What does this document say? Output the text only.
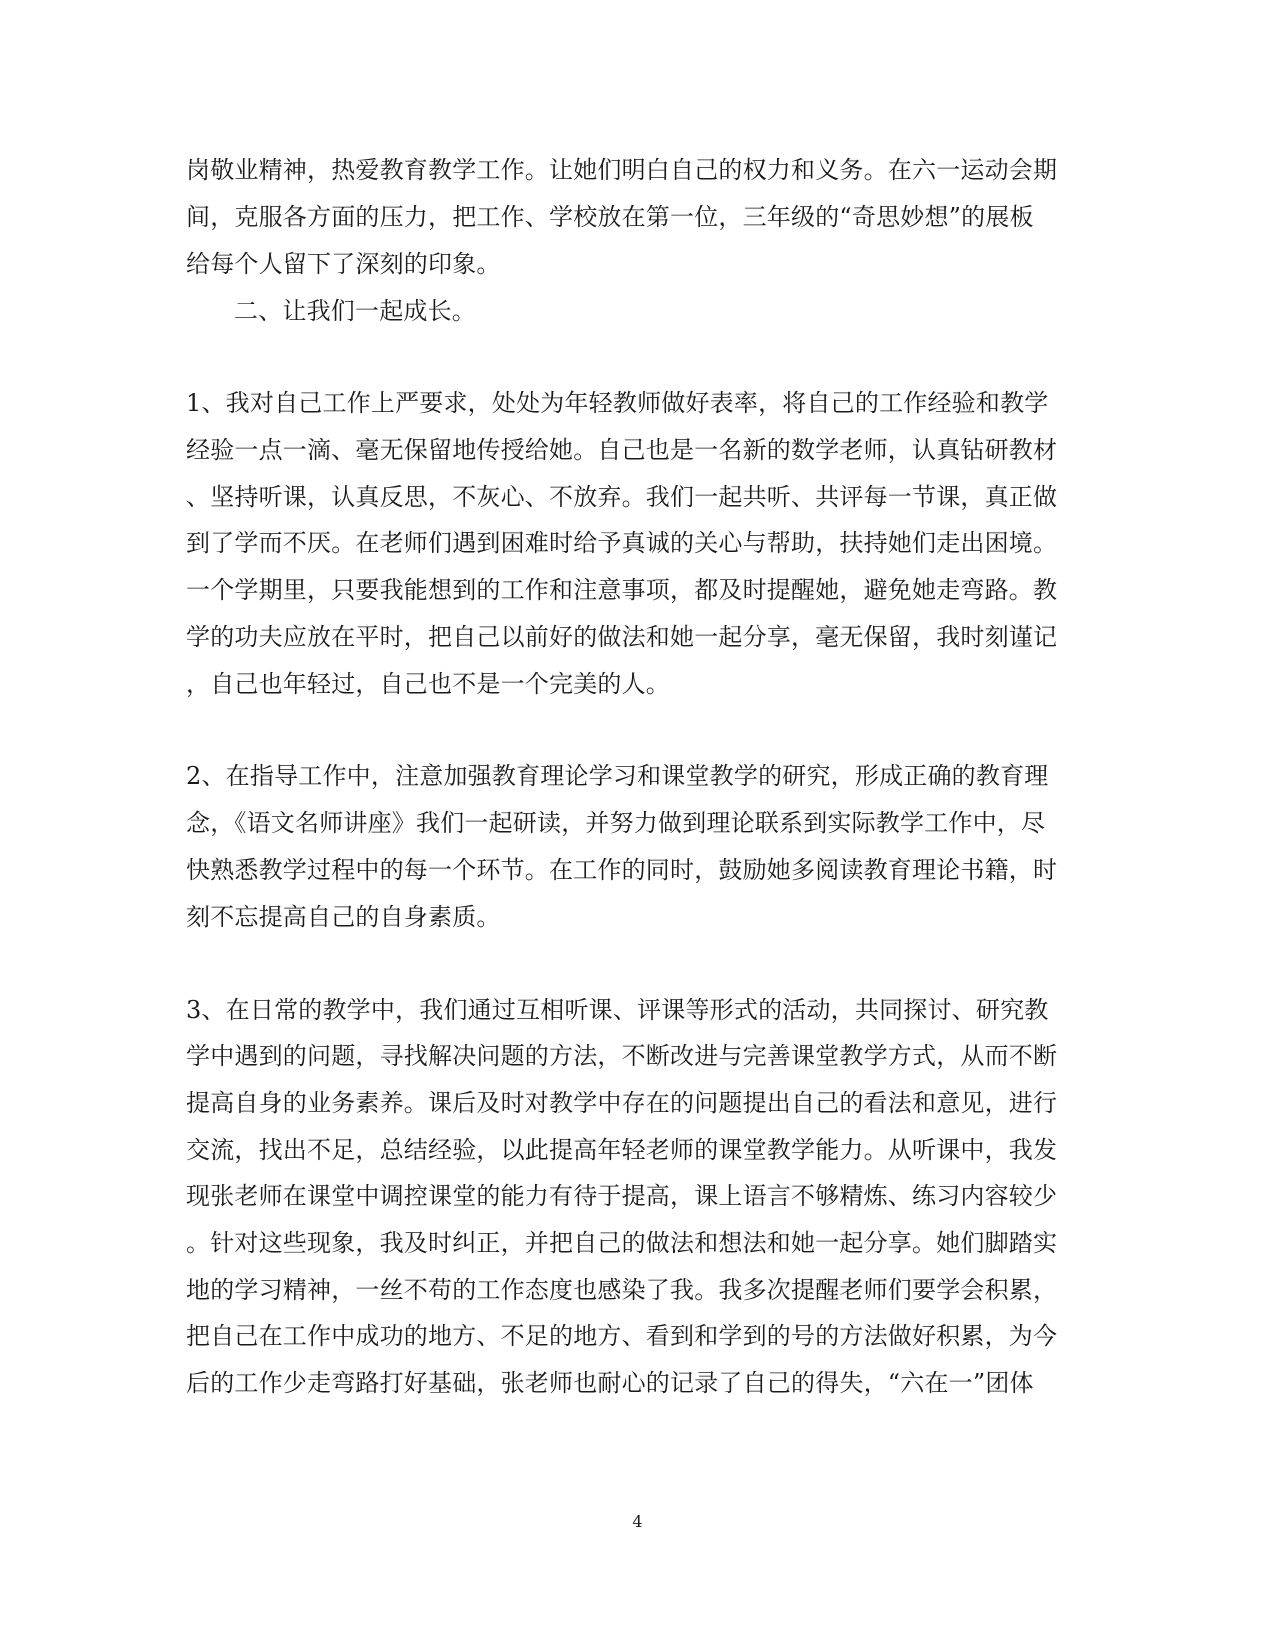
岗敬业精神，热爱教育教学工作。让她们明白自己的权力和义务。在六一运动会期
间，克服各方面的压力，把工作、学校放在第一位，三年级的“奇思妙想”的展板
给每个人留下了深刻的印象。
二、让我们一起成长。
1、我对自己工作上严要求，处处为年轻教师做好表率，将自己的工作经验和教学
经验一点一滴、毫无保留地传授给她。自己也是一名新的数学老师，认真钻研教材
、坚持听课，认真反思，不灰心、不放弃。我们一起共听、共评每一节课，真正做
到了学而不厌。在老师们遇到困难时给予真诚的关心与帮助，扶持她们走出困境。
一个学期里，只要我能想到的工作和注意事项，都及时提醒她，避免她走弯路。教
学的功夫应放在平时，把自己以前好的做法和她一起分享，毫无保留，我时刻谨记
，自己也年轻过，自己也不是一个完美的人。
2、在指导工作中，注意加强教育理论学习和课堂教学的研究，形成正确的教育理
念，《语文名师讲座》我们一起研读，并努力做到理论联系到实际教学工作中，尽
快熟悉教学过程中的每一个环节。在工作的同时，鼓励她多阅读教育理论书籍，时
刻不忘提高自己的自身素质。
3、在日常的教学中，我们通过互相听课、评课等形式的活动，共同探讨、研究教
学中遇到的问题，寻找解决问题的方法，不断改进与完善课堂教学方式，从而不断
提高自身的业务素养。课后及时对教学中存在的问题提出自己的看法和意见，进行
交流，找出不足，总结经验，以此提高年轻老师的课堂教学能力。从听课中，我发
现张老师在课堂中调控课堂的能力有待于提高，课上语言不够精炼、练习内容较少
。针对这些现象，我及时纠正，并把自己的做法和想法和她一起分享。她们脚踏实
地的学习精神，一丝不苟的工作态度也感染了我。我多次提醒老师们要学会积累，
把自己在工作中成功的地方、不足的地方、看到和学到的号的方法做好积累，为今
后的工作少走弯路打好基础，张老师也耐心的记录了自己的得失，“六在一”团体
4
